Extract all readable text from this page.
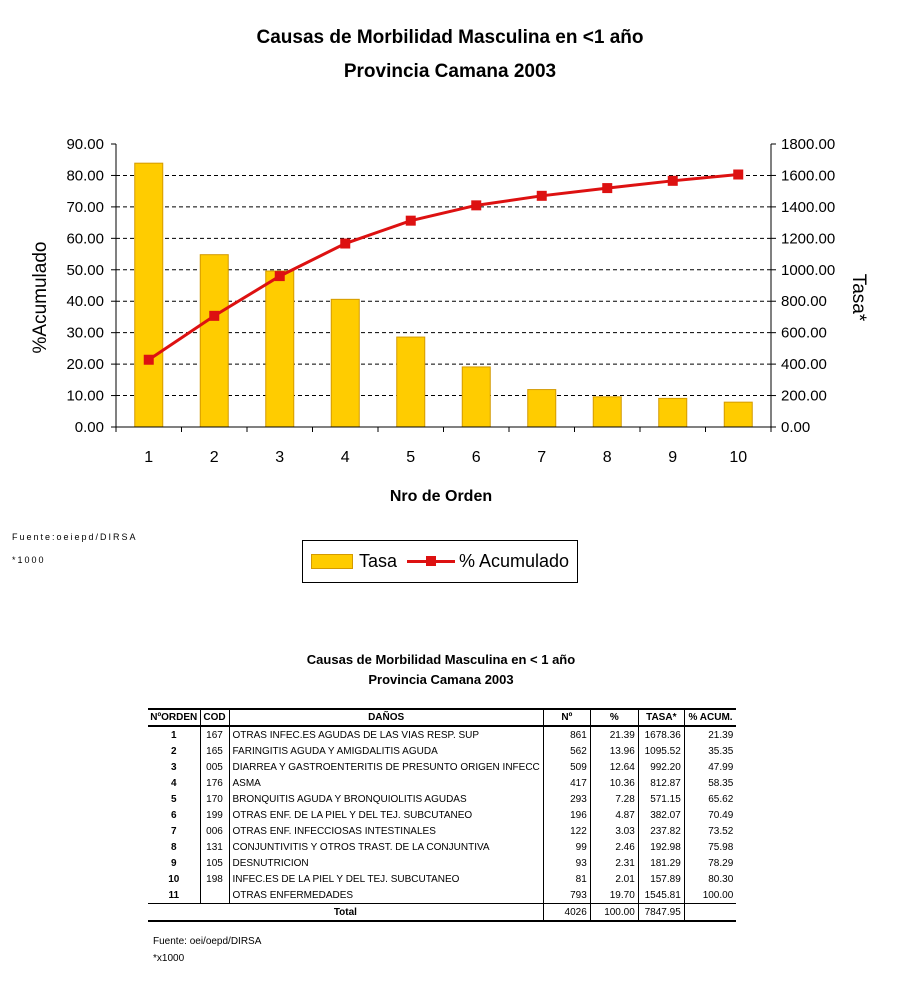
Causas de Morbilidad Masculina en <1 año
Provincia Camana 2003
0.00
10.00
20.00
30.00
40.00
50.00
60.00
70.00
80.00
90.00
0.00
200.00
400.00
600.00
800.00
1000.00
1200.00
1400.00
1600.00
1800.00
1	2	3	4	5	6	7	8	9	10
Nro de Orden
%Acumulado	Tasa*
Fuente:oeiepd/DIRSA
*1000	Tasa	% Acumulado
Causas de Morbilidad Masculina en < 1 año
Provincia Camana 2003
NºORDEN	COD	DAÑOS	Nº	%	TASA*	% ACUM.
1	167	OTRAS INFEC.ES AGUDAS DE LAS VIAS RESP. SUP	861	21.39	1678.36	21.39
2	165	FARINGITIS AGUDA Y AMIGDALITIS AGUDA	562	13.96	1095.52	35.35
3	005	DIARREA Y GASTROENTERITIS DE PRESUNTO ORIGEN INFECC	509	12.64	992.20	47.99
4	176	ASMA	417	10.36	812.87	58.35
5	170	BRONQUITIS AGUDA Y BRONQUIOLITIS AGUDAS	293	7.28	571.15	65.62
6	199	OTRAS ENF. DE LA PIEL Y DEL TEJ. SUBCUTANEO	196	4.87	382.07	70.49
7	006	OTRAS ENF. INFECCIOSAS INTESTINALES	122	3.03	237.82	73.52
8	131	CONJUNTIVITIS Y OTROS TRAST. DE LA CONJUNTIVA	99	2.46	192.98	75.98
9	105	DESNUTRICION	93	2.31	181.29	78.29
10	198	INFEC.ES DE LA PIEL Y DEL TEJ. SUBCUTANEO	81	2.01	157.89	80.30
11		OTRAS ENFERMEDADES	793	19.70	1545.81	100.00
Total			4026	100.00	7847.95	
Fuente: oei/oepd/DIRSA
*x1000
